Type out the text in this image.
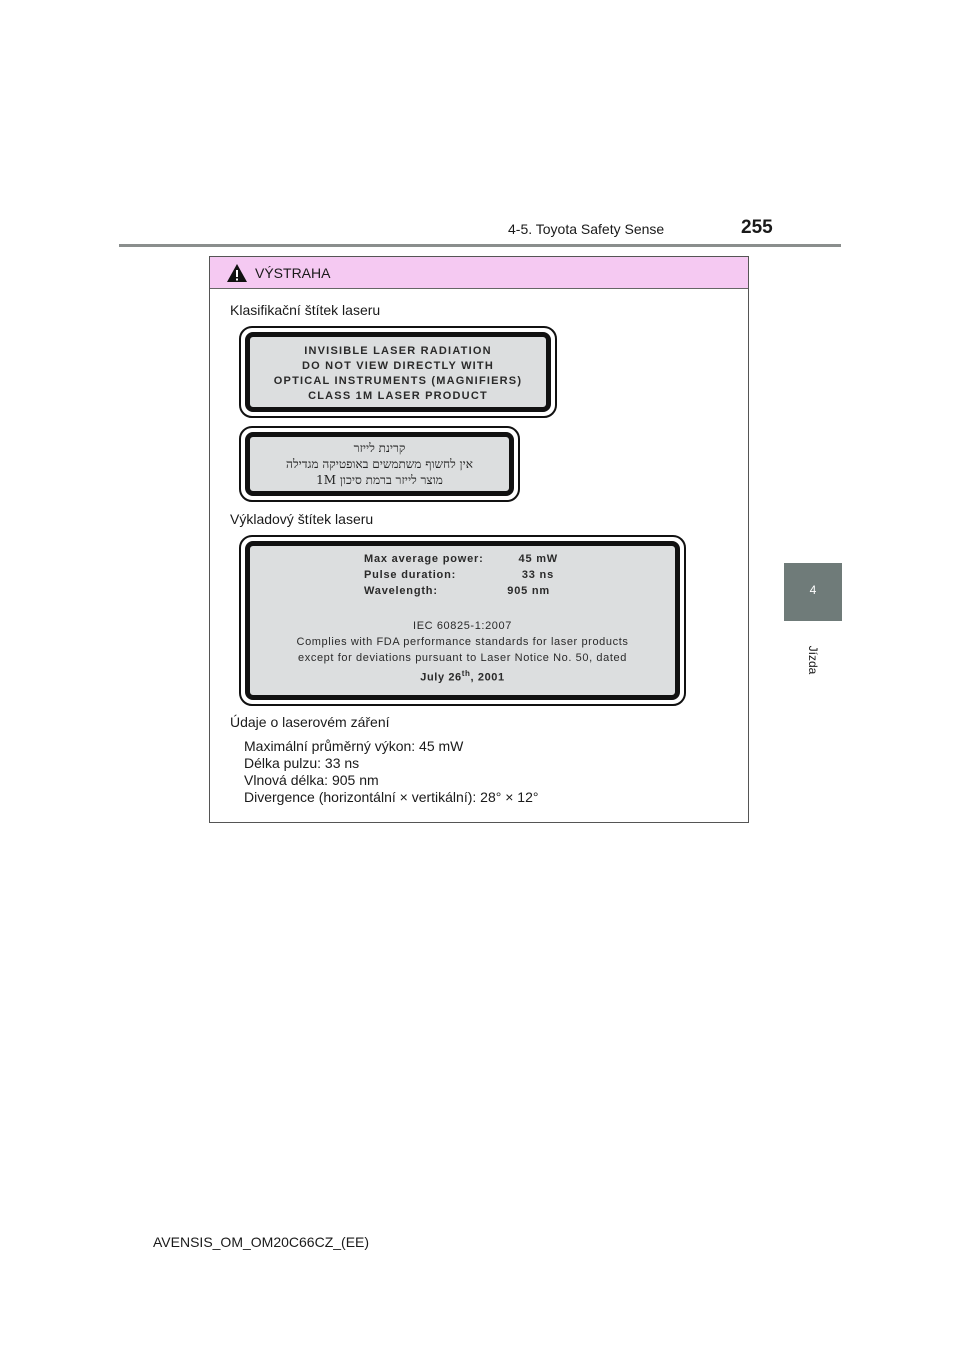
4-5. Toyota Safety Sense	255
4
Jízda
VÝSTRAHA
Klasifikační štítek laseru
INVISIBLE LASER RADIATION
DO NOT VIEW DIRECTLY WITH
OPTICAL INSTRUMENTS (MAGNIFIERS)
CLASS 1M LASER PRODUCT
קרינת לייזר
אין לחשוף משתמשים באופטיקה מגדילה
מוצר לייזר ברמת סיכון 1M
Výkladový štítek laseru
Max average power:	45 mW
Pulse duration:	33 ns
Wavelength:	905 nm
IEC 60825-1:2007
Complies with FDA performance standards for laser products
except for deviations pursuant to Laser Notice No. 50, dated
July 26th, 2001
Údaje o laserovém záření
Maximální průměrný výkon: 45 mW
Délka pulzu: 33 ns
Vlnová délka: 905 nm
Divergence (horizontální × vertikální): 28° × 12°
AVENSIS_OM_OM20C66CZ_(EE)
